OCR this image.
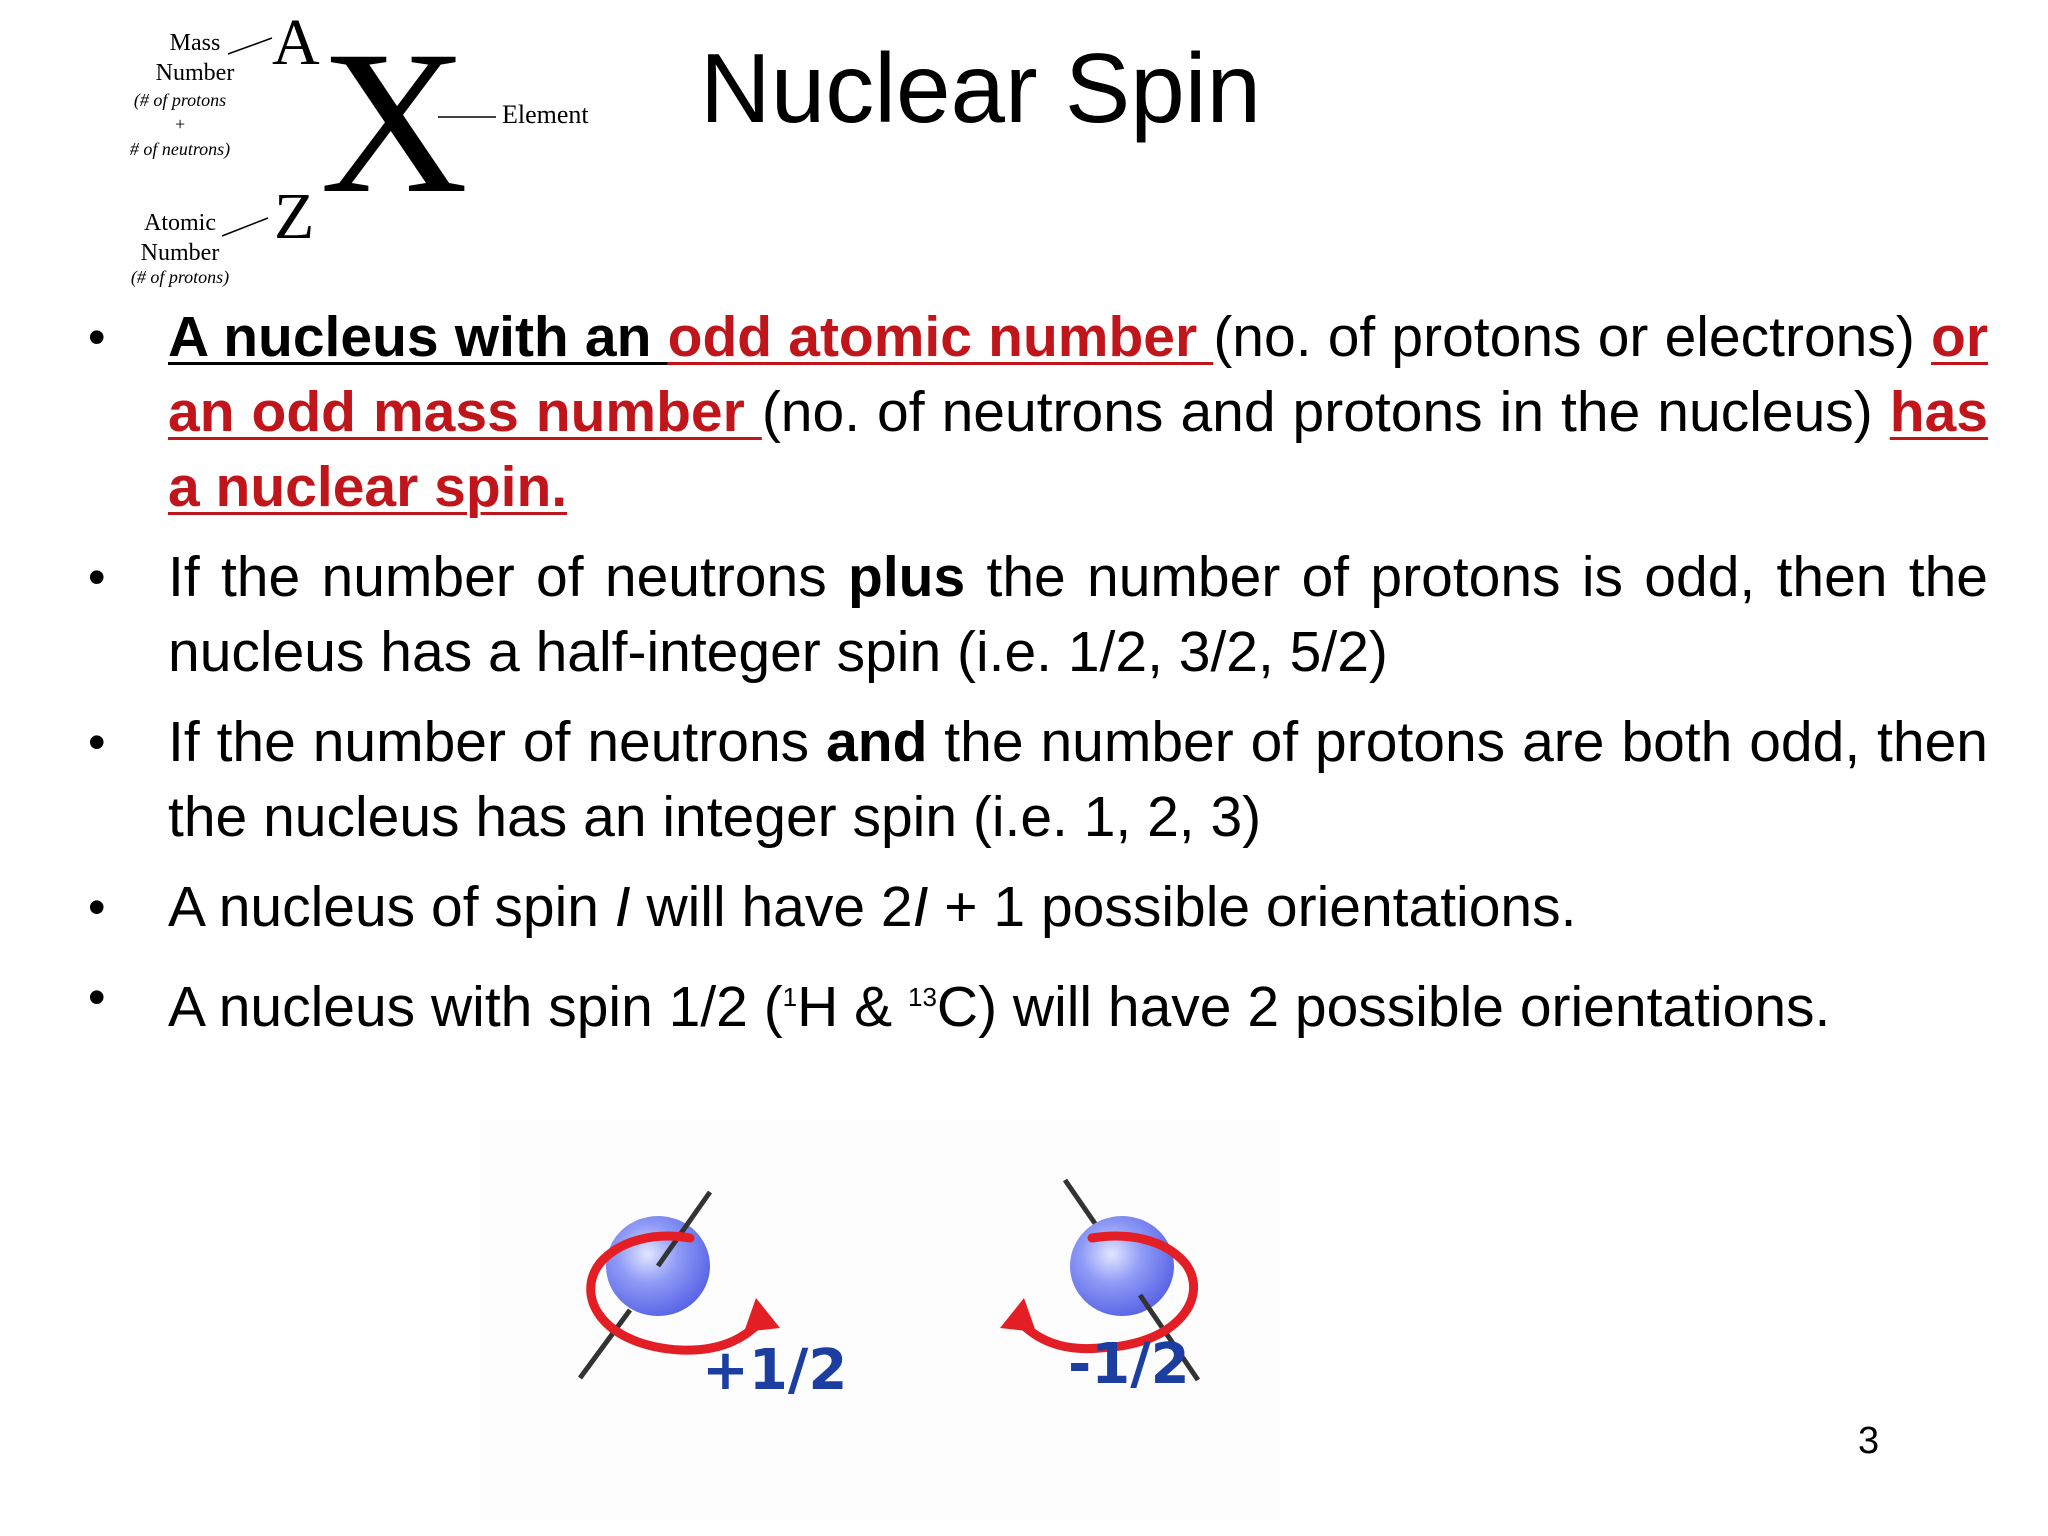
Mass Number
(# of protons
+
# of neutrons)
A X Element
Atomic Number
(# of protons)
Z
Nuclear Spin
• A nucleus with an odd atomic number (no. of protons or electrons) or an odd mass number (no. of neutrons and protons in the nucleus) has a nuclear spin.
• If the number of neutrons plus the number of protons is odd, then the nucleus has a half-integer spin (i.e. 1/2, 3/2, 5/2)
• If the number of neutrons and the number of protons are both odd, then the nucleus has an integer spin (i.e. 1, 2, 3)
• A nucleus of spin I will have 2I + 1 possible orientations.
• A nucleus with spin 1/2 ($^1$H & $^{13}$C) will have 2 possible orientations.
+1/2	-1/2
3
